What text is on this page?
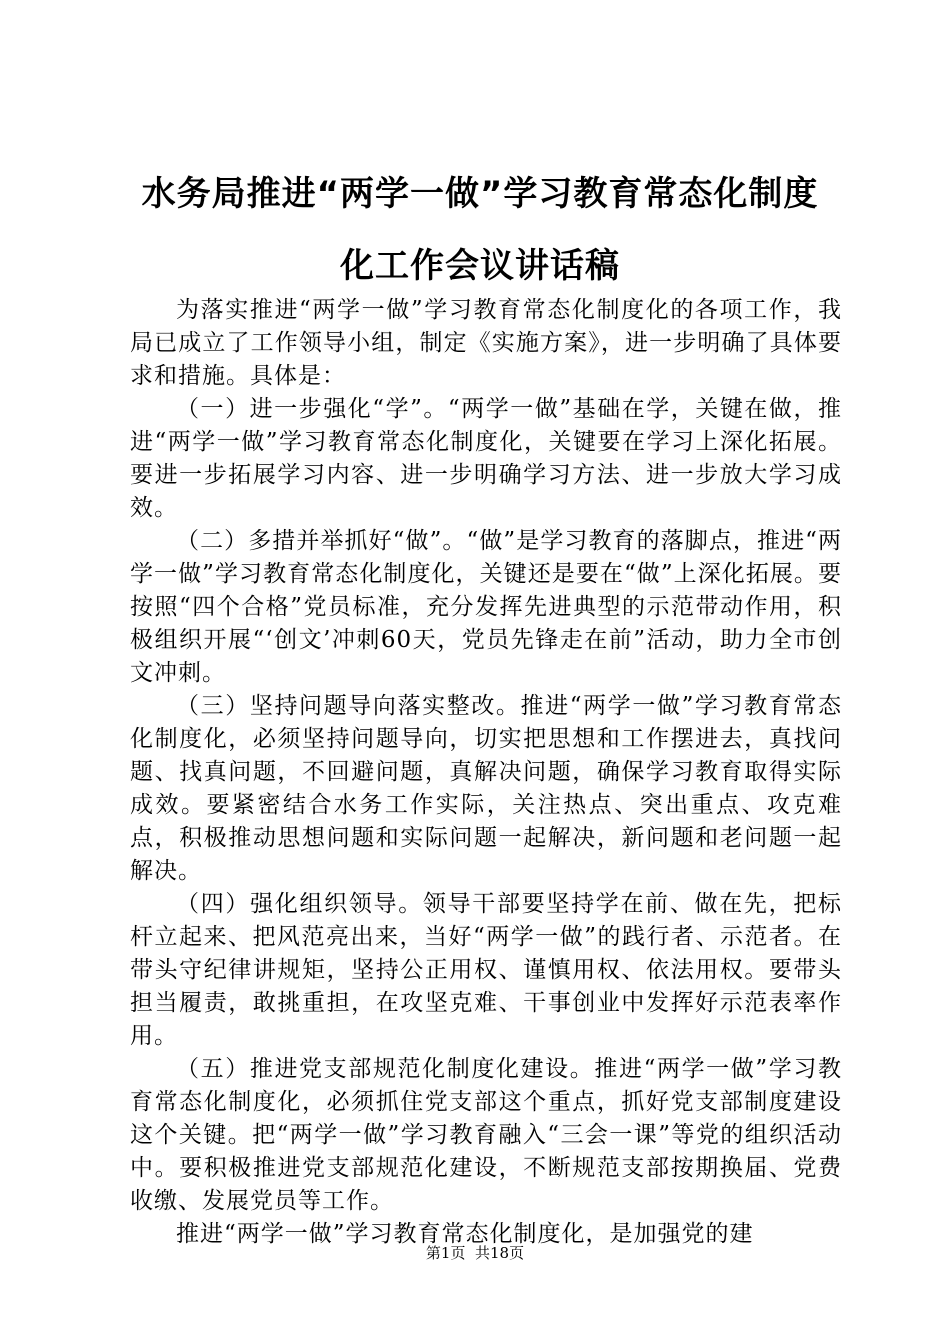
水务局推进“两学一做”学习教育常态化制度
化工作会议讲话稿

为落实推进“两学一做”学习教育常态化制度化的各项工作，我局已成立了工作领导小组，制定《实施方案》，进一步明确了具体要求和措施。具体是：

（一）进一步强化“学”。“两学一做”基础在学，关键在做，推进“两学一做”学习教育常态化制度化，关键要在学习上深化拓展。要进一步拓展学习内容、进一步明确学习方法、进一步放大学习成效。

（二）多措并举抓好“做”。“做”是学习教育的落脚点，推进“两学一做”学习教育常态化制度化，关键还是要在“做”上深化拓展。要按照“四个合格”党员标准，充分发挥先进典型的示范带动作用，积极组织开展“‘创文’冲刺60天，党员先锋走在前”活动，助力全市创文冲刺。

（三）坚持问题导向落实整改。推进“两学一做”学习教育常态化制度化，必须坚持问题导向，切实把思想和工作摆进去，真找问题、找真问题，不回避问题，真解决问题，确保学习教育取得实际成效。要紧密结合水务工作实际，关注热点、突出重点、攻克难点，积极推动思想问题和实际问题一起解决，新问题和老问题一起解决。

（四）强化组织领导。领导干部要坚持学在前、做在先，把标杆立起来、把风范亮出来，当好“两学一做”的践行者、示范者。在带头守纪律讲规矩，坚持公正用权、谨慎用权、依法用权。要带头担当履责，敢挑重担，在攻坚克难、干事创业中发挥好示范表率作用。

（五）推进党支部规范化制度化建设。推进“两学一做”学习教育常态化制度化，必须抓住党支部这个重点，抓好党支部制度建设这个关键。把“两学一做”学习教育融入“三会一课”等党的组织活动中。要积极推进党支部规范化建设，不断规范支部按期换届、党费收缴、发展党员等工作。

推进“两学一做”学习教育常态化制度化，是加强党的建

第1页 共18页
